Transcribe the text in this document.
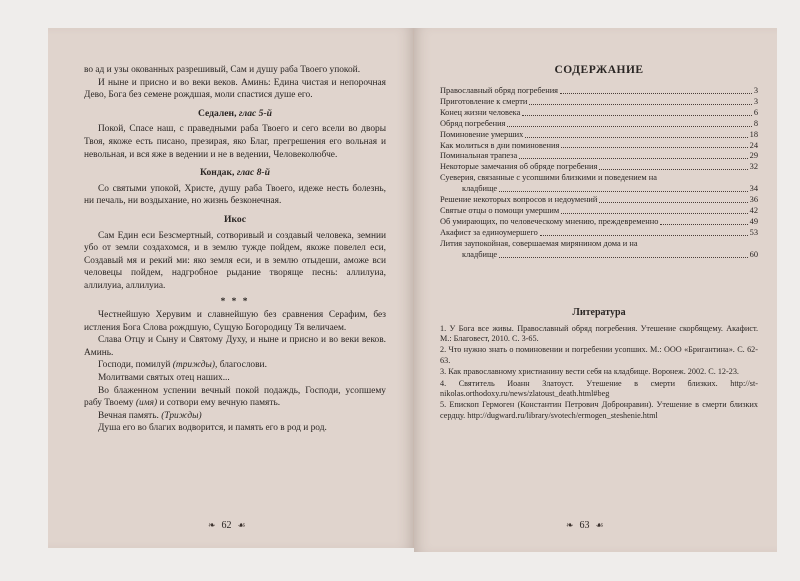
во ад и узы окованных разрешивый, Сам и душу раба Твоего упокой.

И ныне и присно и во веки веков. Аминь: Едина чистая и непорочная Дево, Бога без семене рождшая, моли спастися душе его.

Седален, глас 5-й

Покой, Спасе наш, с праведными раба Твоего и сего всели во дворы Твоя, якоже есть писано, презирая, яко Благ, прегрешения его вольная и невольная, и вся яже в ведении и не в ведении, Человеколюбче.

Кондак, глас 8-й

Со святыми упокой, Христе, душу раба Твоего, идеже несть болезнь, ни печаль, ни воздыхание, но жизнь безконечная.

Икос

Сам Един еси Безсмертный, сотворивый и создавый человека, земнии убо от земли создахомся, и в землю тужде пойдем, якоже повелел еси, Создавый мя и рекий ми: яко земля еси, и в землю отыдеши, аможе вси человецы пойдем, надгробное рыдание творяще песнь: аллилуиа, аллилуиа, аллилуиа.

* * *

Честнейшую Херувим и славнейшую без сравнения Серафим, без истления Бога Слова рождшую, Сущую Богородицу Тя величаем.

Слава Отцу и Сыну и Святому Духу, и ныне и присно и во веки веков. Аминь.

Господи, помилуй (трижды), благослови.

Молитвами святых отец наших...

Во блаженном успении вечный покой подаждь, Господи, усопшему рабу Твоему (имя) и сотвори ему вечную память.

Вечная память. (Трижды)

Душа его во благих водворится, и память его в род и род.

❧ 62 ☙
СОДЕРЖАНИЕ
Православный обряд погребения	3
Приготовление к смерти	3
Конец жизни человека	6
Обряд погребения	8
Поминовение умерших	18
Как молиться в дни поминовения	24
Поминальная трапеза	29
Некоторые замечания об обряде погребения	32
Суеверия, связанные с усопшими близкими и поведением на
кладбище	34
Решение некоторых вопросов и недоумений	36
Святые отцы о помощи умершим	42
Об умирающих, по человеческому мнению, преждевременно	49
Акафист за единоумершего	53
Лития заупокойная, совершаемая мирянином дома и на
кладбище	60
Литература

1. У Бога все живы. Православный обряд погребения. Утешение скорбящему. Акафист. М.: Благовест, 2010. С. 3-65.

2. Что нужно знать о поминовении и погребении усопших. М.: ООО «Бригантина». С. 62-63.

3. Как православному христианину вести себя на кладбище. Воронеж. 2002. С. 12-23.

4. Святитель Иоанн Златоуст. Утешение в смерти близких. http://st-nikolas.orthodoxy.ru/news/zlatoust_death.html#beg

5. Епископ Гермоген (Константин Петрович Добронравин). Утешение в смерти близких сердцу. http://dugward.ru/library/svotech/ermogen_steshenie.html

❧ 63 ☙
